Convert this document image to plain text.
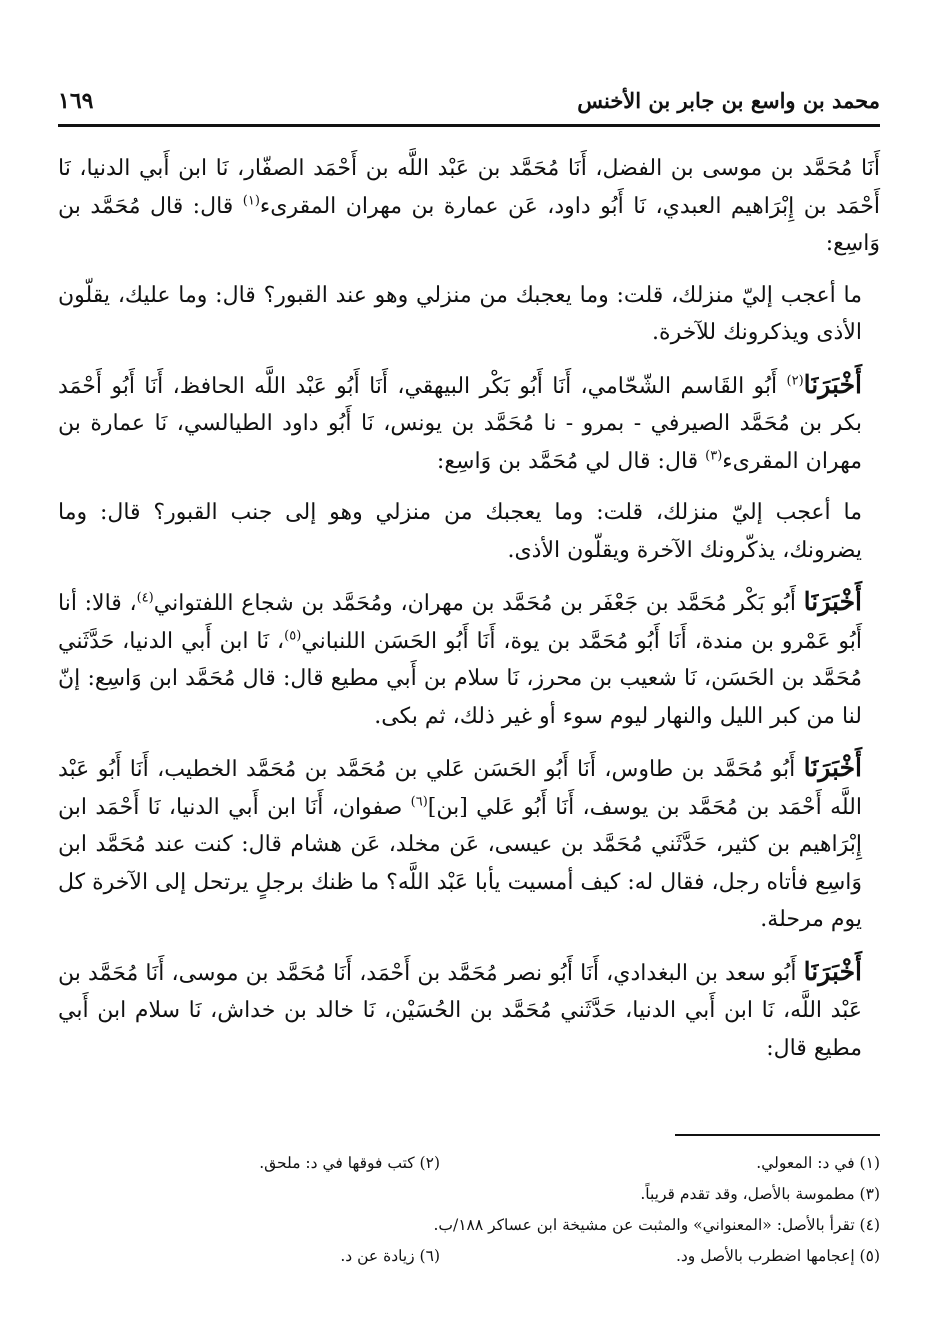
محمد بن واسع بن جابر بن الأخنس
١٦٩

أَنَا مُحَمَّد بن موسى بن الفضل، أَنَا مُحَمَّد بن عَبْد اللَّه بن أَحْمَد الصفّار، نَا ابن أَبي الدنيا، نَا أَحْمَد بن إِبْرَاهيم العبدي، نَا أَبُو داود، عَن عمارة بن مهران المقرىء$^{(١)}$ قال: قال مُحَمَّد بن وَاسِع:

ما أعجب إليّ منزلك، قلت: وما يعجبك من منزلي وهو عند القبور؟ قال: وما عليك، يقلّون الأذى ويذكرونك للآخرة.

أَخْبَرَنَا$^{(٢)}$ أَبُو القَاسم الشّحّامي، أَنَا أَبُو بَكْر البيهقي، أَنَا أَبُو عَبْد اللَّه الحافظ، أَنَا أَبُو أَحْمَد بكر بن مُحَمَّد الصيرفي - بمرو - نا مُحَمَّد بن يونس، نَا أَبُو داود الطيالسي، نَا عمارة بن مهران المقرىء$^{(٣)}$ قال: قال لي مُحَمَّد بن وَاسِع:

ما أعجب إليّ منزلك، قلت: وما يعجبك من منزلي وهو إلى جنب القبور؟ قال: وما يضرونك، يذكّرونك الآخرة ويقلّون الأذى.

أَخْبَرَنَا أَبُو بَكْر مُحَمَّد بن جَعْفَر بن مُحَمَّد بن مهران، ومُحَمَّد بن شجاع اللفتواني$^{(٤)}$، قالا: أنا أَبُو عَمْرو بن مندة، أَنَا أَبُو مُحَمَّد بن يوة، أَنَا أَبُو الحَسَن اللنباني$^{(٥)}$، نَا ابن أَبي الدنيا، حَدَّثَني مُحَمَّد بن الحَسَن، نَا شعيب بن محرز، نَا سلام بن أَبي مطيع قال: قال مُحَمَّد ابن وَاسِع: إنّ لنا من كبر الليل والنهار ليوم سوء أو غير ذلك، ثم بكى.

أَخْبَرَنَا أَبُو مُحَمَّد بن طاوس، أَنَا أَبُو الحَسَن عَلي بن مُحَمَّد بن مُحَمَّد الخطيب، أَنَا أَبُو عَبْد اللَّه أَحْمَد بن مُحَمَّد بن يوسف، أَنَا أَبُو عَلي [بن]$^{(٦)}$ صفوان، أَنَا ابن أَبي الدنيا، نَا أَحْمَد ابن إِبْرَاهيم بن كثير، حَدَّثَني مُحَمَّد بن عيسى، عَن مخلد، عَن هشام قال: كنت عند مُحَمَّد ابن وَاسِع فأتاه رجل، فقال له: كيف أمسيت يأبا عَبْد اللَّه؟ ما ظنك برجلٍ يرتحل إلى الآخرة كل يوم مرحلة.

أَخْبَرَنَا أَبُو سعد بن البغدادي، أَنَا أَبُو نصر مُحَمَّد بن أَحْمَد، أَنَا مُحَمَّد بن موسى، أَنَا مُحَمَّد بن عَبْد اللَّه، نَا ابن أَبي الدنيا، حَدَّثَني مُحَمَّد بن الحُسَيْن، نَا خالد بن خداش، نَا سلام ابن أَبي مطيع قال:

(١) في د: المعولي.
(٢) كتب فوقها في د: ملحق.
(٣) مطموسة بالأصل، وقد تقدم قريباً.
(٤) تقرأ بالأصل: «المعنواني» والمثبت عن مشيخة ابن عساكر ١٨٨/ب.
(٥) إعجامها اضطرب بالأصل ود.
(٦) زيادة عن د.
